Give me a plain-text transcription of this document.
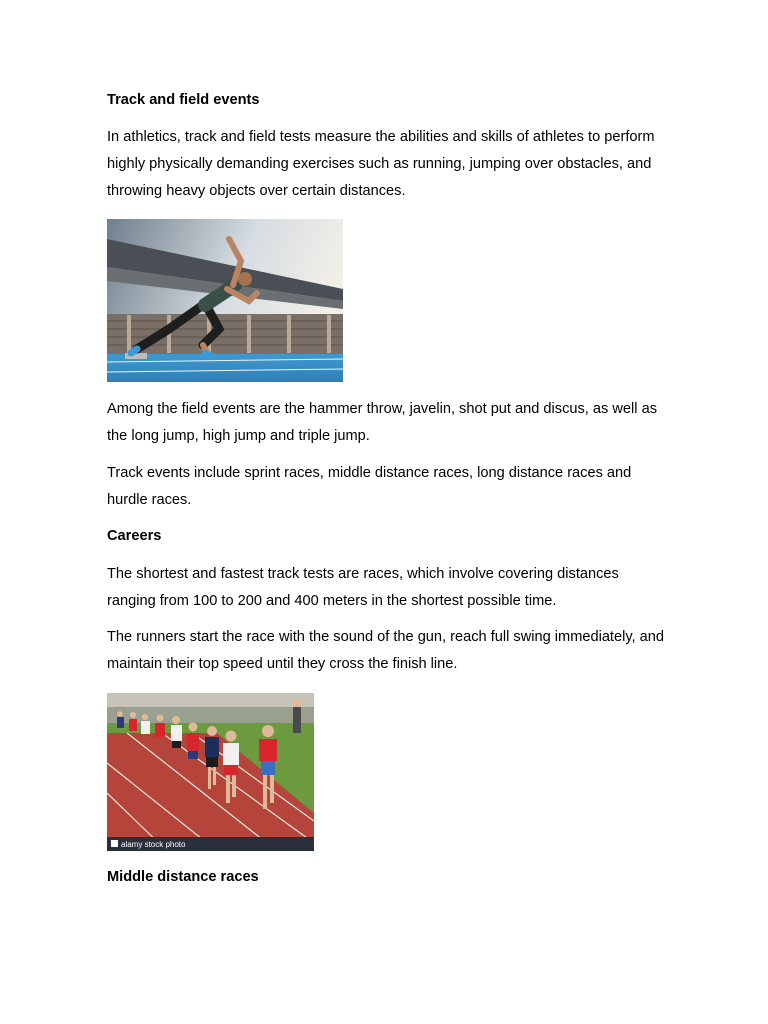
Track and field events
In athletics, track and field tests measure the abilities and skills of athletes to perform highly physically demanding exercises such as running, jumping over obstacles, and throwing heavy objects over certain distances.
Among the field events are the hammer throw, javelin, shot put and discus, as well as the long jump, high jump and triple jump.
Track events include sprint races, middle distance races, long distance races and hurdle races.
Careers
The shortest and fastest track tests are races, which involve covering distances ranging from 100 to 200 and 400 meters in the shortest possible time.
The runners start the race with the sound of the gun, reach full swing immediately, and maintain their top speed until they cross the finish line.
alamy stock photo
Middle distance races
